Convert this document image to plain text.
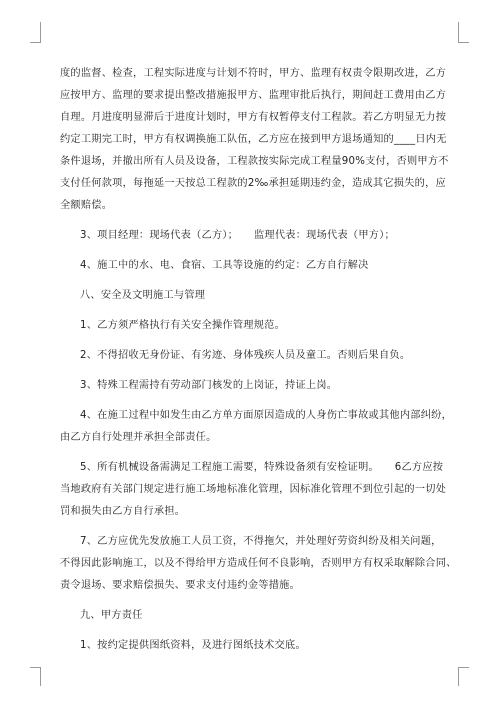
度的监督、检查，工程实际进度与计划不符时，甲方、监理有权责令限期改进，乙方
应按甲方、监理的要求提出整改措施报甲方、监理审批后执行，期间赶工费用由乙方
自理。月进度明显滞后于进度计划时，甲方有权暂停支付工程款。若乙方明显无力按
约定工期完工时，甲方有权调换施工队伍，乙方应在接到甲方退场通知的____日内无
条件退场，并撤出所有人员及设备，工程款按实际完成工程量90%支付，否则甲方不
支付任何款项，每拖延一天按总工程款的2‰承担延期违约金，造成其它损失的，应
全额赔偿。
3、项目经理：现场代表（乙方）；　　监理代表：现场代表（甲方）；
4、施工中的水、电、食宿、工具等设施的约定：乙方自行解决
八、安全及文明施工与管理
1、乙方须严格执行有关安全操作管理规范。
2、不得招收无身份证、有劣迹、身体残疾人员及童工。否则后果自负。
3、特殊工程需持有劳动部门核发的上岗证，持证上岗。
4、在施工过程中如发生由乙方单方面原因造成的人身伤亡事故或其他内部纠纷，
由乙方自行处理并承担全部责任。
5、所有机械设备需满足工程施工需要，特殊设备须有安检证明。　　6乙方应按
当地政府有关部门规定进行施工场地标准化管理，因标准化管理不到位引起的一切处
罚和损失由乙方自行承担。
7、乙方应优先发放施工人员工资，不得拖欠，并处理好劳资纠纷及相关问题，
不得因此影响施工，以及不得给甲方造成任何不良影响，否则甲方有权采取解除合同、
责令退场、要求赔偿损失、要求支付违约金等措施。
九、甲方责任
1、按约定提供图纸资料，及进行图纸技术交底。
